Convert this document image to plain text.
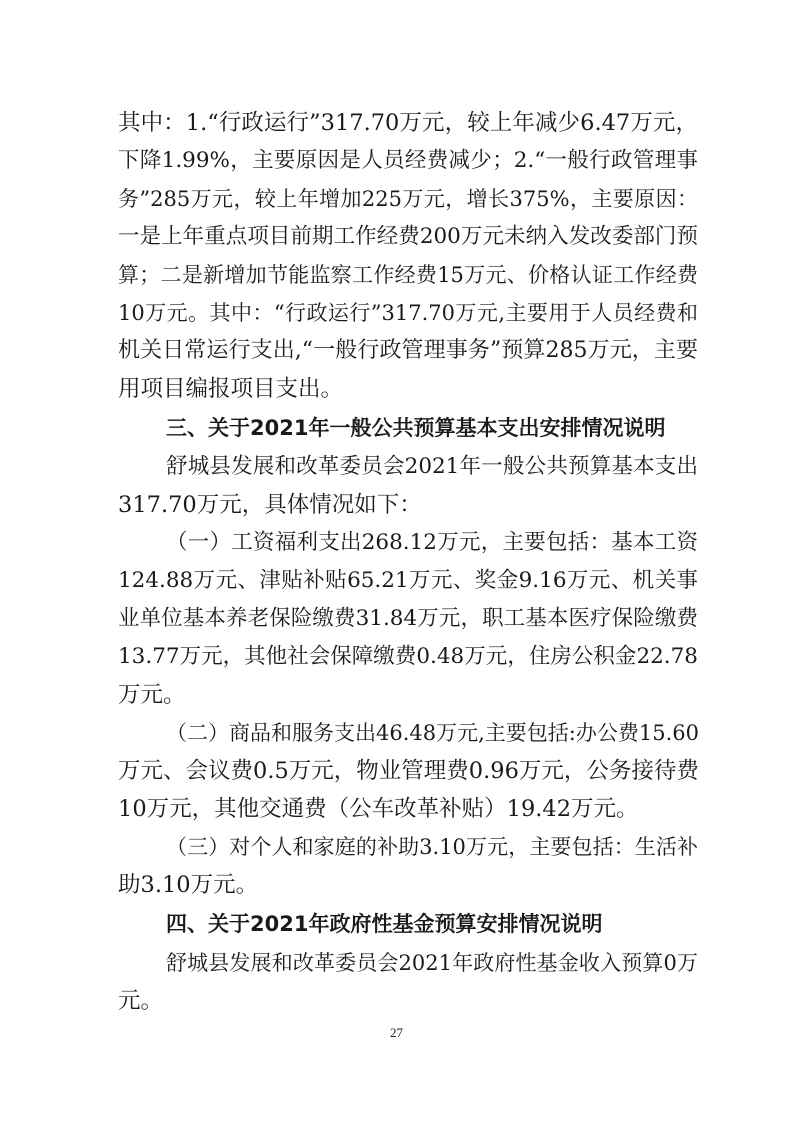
其中：1.“行政运行”317.70万元，较上年减少6.47万元，
下降1.99%，主要原因是人员经费减少；2.“一般行政管理事
务”285万元，较上年增加225万元，增长375%，主要原因：
一是上年重点项目前期工作经费200万元未纳入发改委部门预
算；二是新增加节能监察工作经费15万元、价格认证工作经费
10万元。其中：“行政运行”317.70万元,主要用于人员经费和
机关日常运行支出,“一般行政管理事务”预算285万元，主要
用项目编报项目支出。
三、关于2021年一般公共预算基本支出安排情况说明
舒城县发展和改革委员会2021年一般公共预算基本支出
317.70万元，具体情况如下：
（一）工资福利支出268.12万元，主要包括：基本工资
124.88万元、津贴补贴65.21万元、奖金9.16万元、机关事
业单位基本养老保险缴费31.84万元，职工基本医疗保险缴费
13.77万元，其他社会保障缴费0.48万元，住房公积金22.78
万元。
（二）商品和服务支出46.48万元,主要包括:办公费15.60
万元、会议费0.5万元，物业管理费0.96万元，公务接待费
10万元，其他交通费（公车改革补贴）19.42万元。
（三）对个人和家庭的补助3.10万元，主要包括：生活补
助3.10万元。
四、关于2021年政府性基金预算安排情况说明
舒城县发展和改革委员会2021年政府性基金收入预算0万
元。
27
